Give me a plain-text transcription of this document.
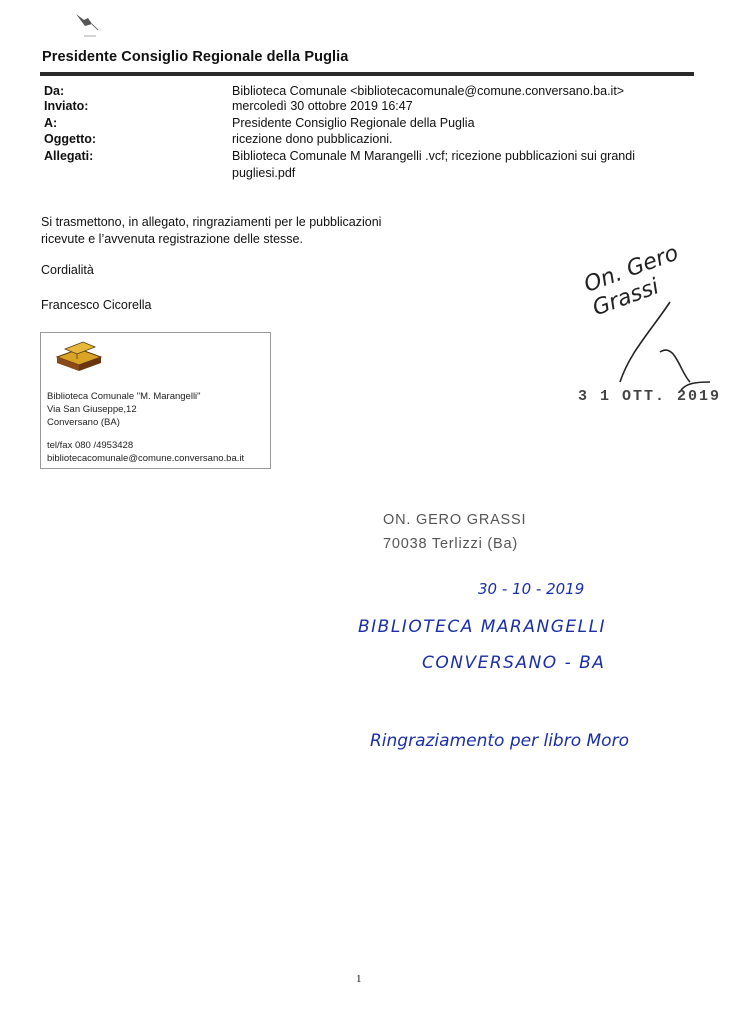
Presidente Consiglio Regionale della Puglia
Da:	Biblioteca Comunale <bibliotecacomunale@comune.conversano.ba.it>
Inviato:	mercoledì 30 ottobre 2019 16:47
A:	Presidente Consiglio Regionale della Puglia
Oggetto:	ricezione dono pubblicazioni.
Allegati:	Biblioteca Comunale M Marangelli .vcf; ricezione pubblicazioni sui grandi
pugliesi.pdf
Si trasmettono, in allegato, ringraziamenti per le pubblicazioni
ricevute e l’avvenuta registrazione delle stesse.
Cordialità
Francesco Cicorella
Biblioteca Comunale "M. Marangelli"
Via San Giuseppe,12
Conversano (BA)
tel/fax 080 /4953428
bibliotecacomunale@comune.conversano.ba.it
On. Gero Grassi
3 1 OTT. 2019
ON. GERO GRASSI
70038 Terlizzi (Ba)
30 - 10 - 2019
BIBLIOTECA MARANGELLI
CONVERSANO - BA
Ringraziamento per libro Moro
1
